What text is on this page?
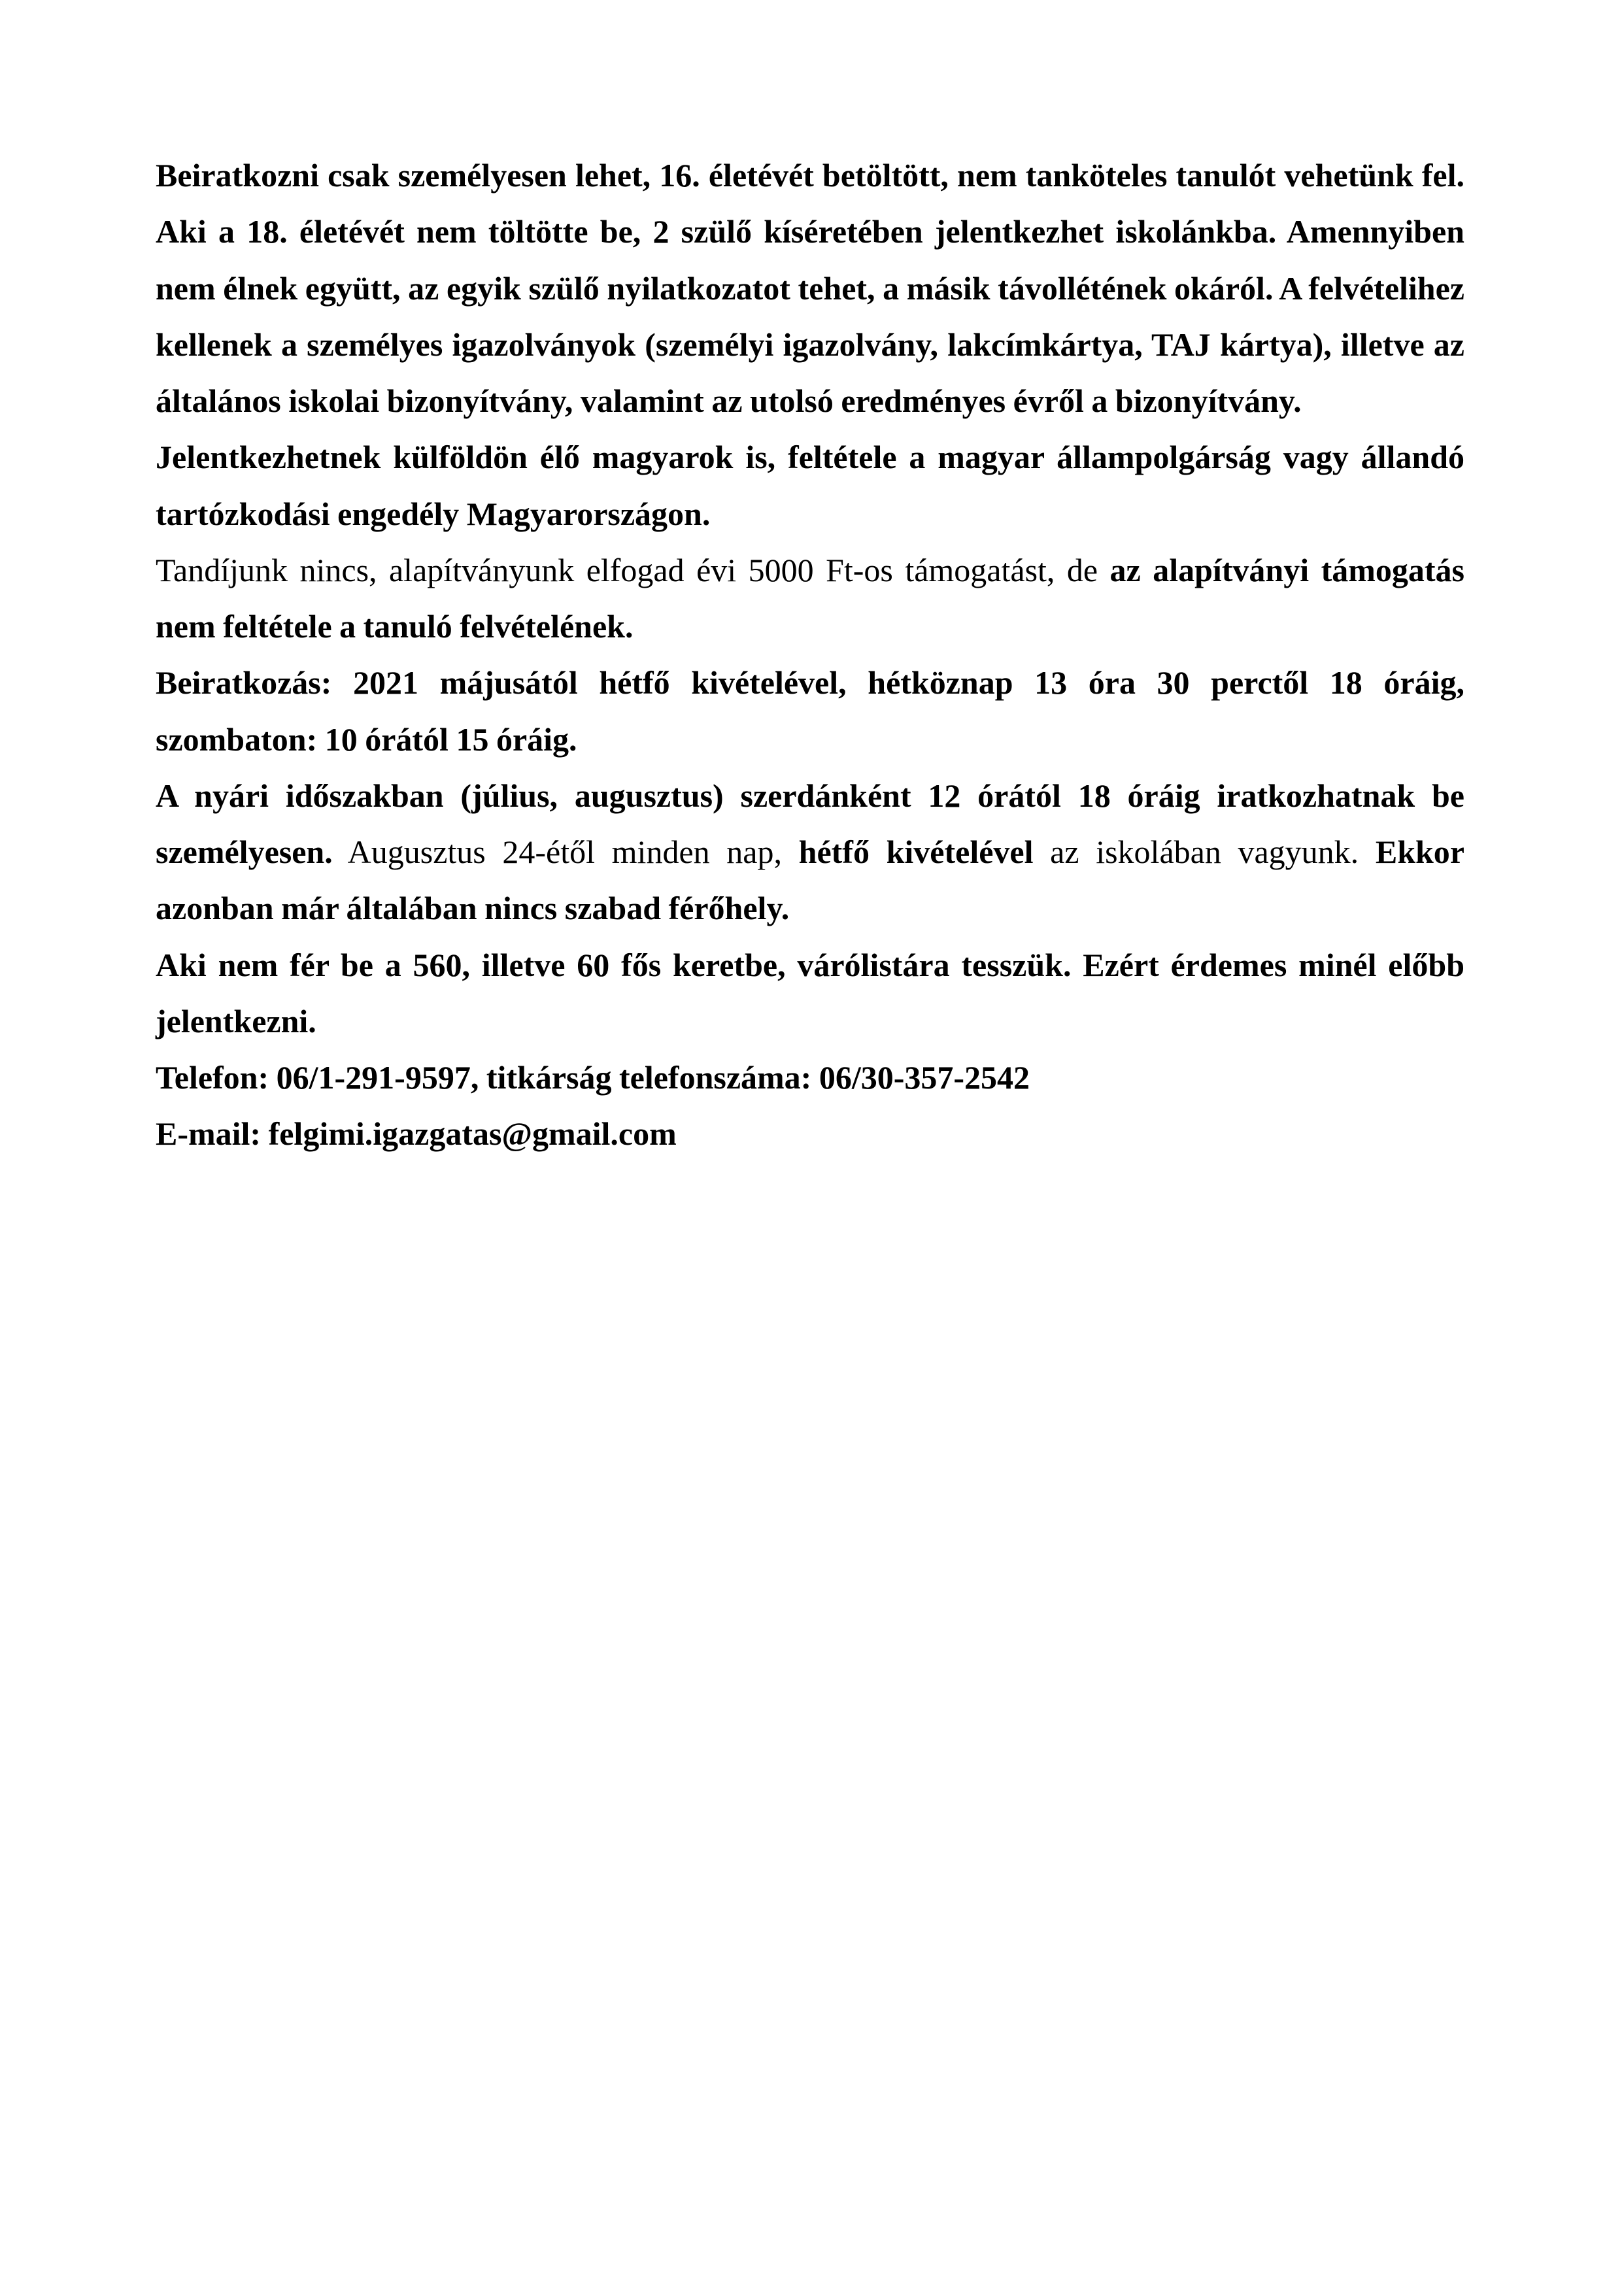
Beiratkozni csak személyesen lehet, 16. életévét betöltött, nem tanköteles tanulót vehetünk fel. Aki a 18. életévét nem töltötte be, 2 szülő kíséretében jelentkezhet iskolánkba. Amennyiben nem élnek együtt, az egyik szülő nyilatkozatot tehet, a másik távollétének okáról. A felvételihez kellenek a személyes igazolványok (személyi igazolvány, lakcímkártya, TAJ kártya), illetve az általános iskolai bizonyítvány, valamint az utolsó eredményes évről a bizonyítvány.

Jelentkezhetnek külföldön élő magyarok is, feltétele a magyar állampolgárság vagy állandó tartózkodási engedély Magyarországon.

Tandíjunk nincs, alapítványunk elfogad évi 5000 Ft-os támogatást, de az alapítványi támogatás nem feltétele a tanuló felvételének.

Beiratkozás: 2021 májusától hétfő kivételével, hétköznap 13 óra 30 perctől 18 óráig, szombaton: 10 órától 15 óráig.

A nyári időszakban (július, augusztus) szerdánként 12 órától 18 óráig iratkozhatnak be személyesen. Augusztus 24-étől minden nap, hétfő kivételével az iskolában vagyunk. Ekkor azonban már általában nincs szabad férőhely.

Aki nem fér be a 560, illetve 60 fős keretbe, várólistára tesszük. Ezért érdemes minél előbb jelentkezni.

Telefon: 06/1-291-9597, titkárság telefonszáma: 06/30-357-2542

E-mail: felgimi.igazgatas@gmail.com
